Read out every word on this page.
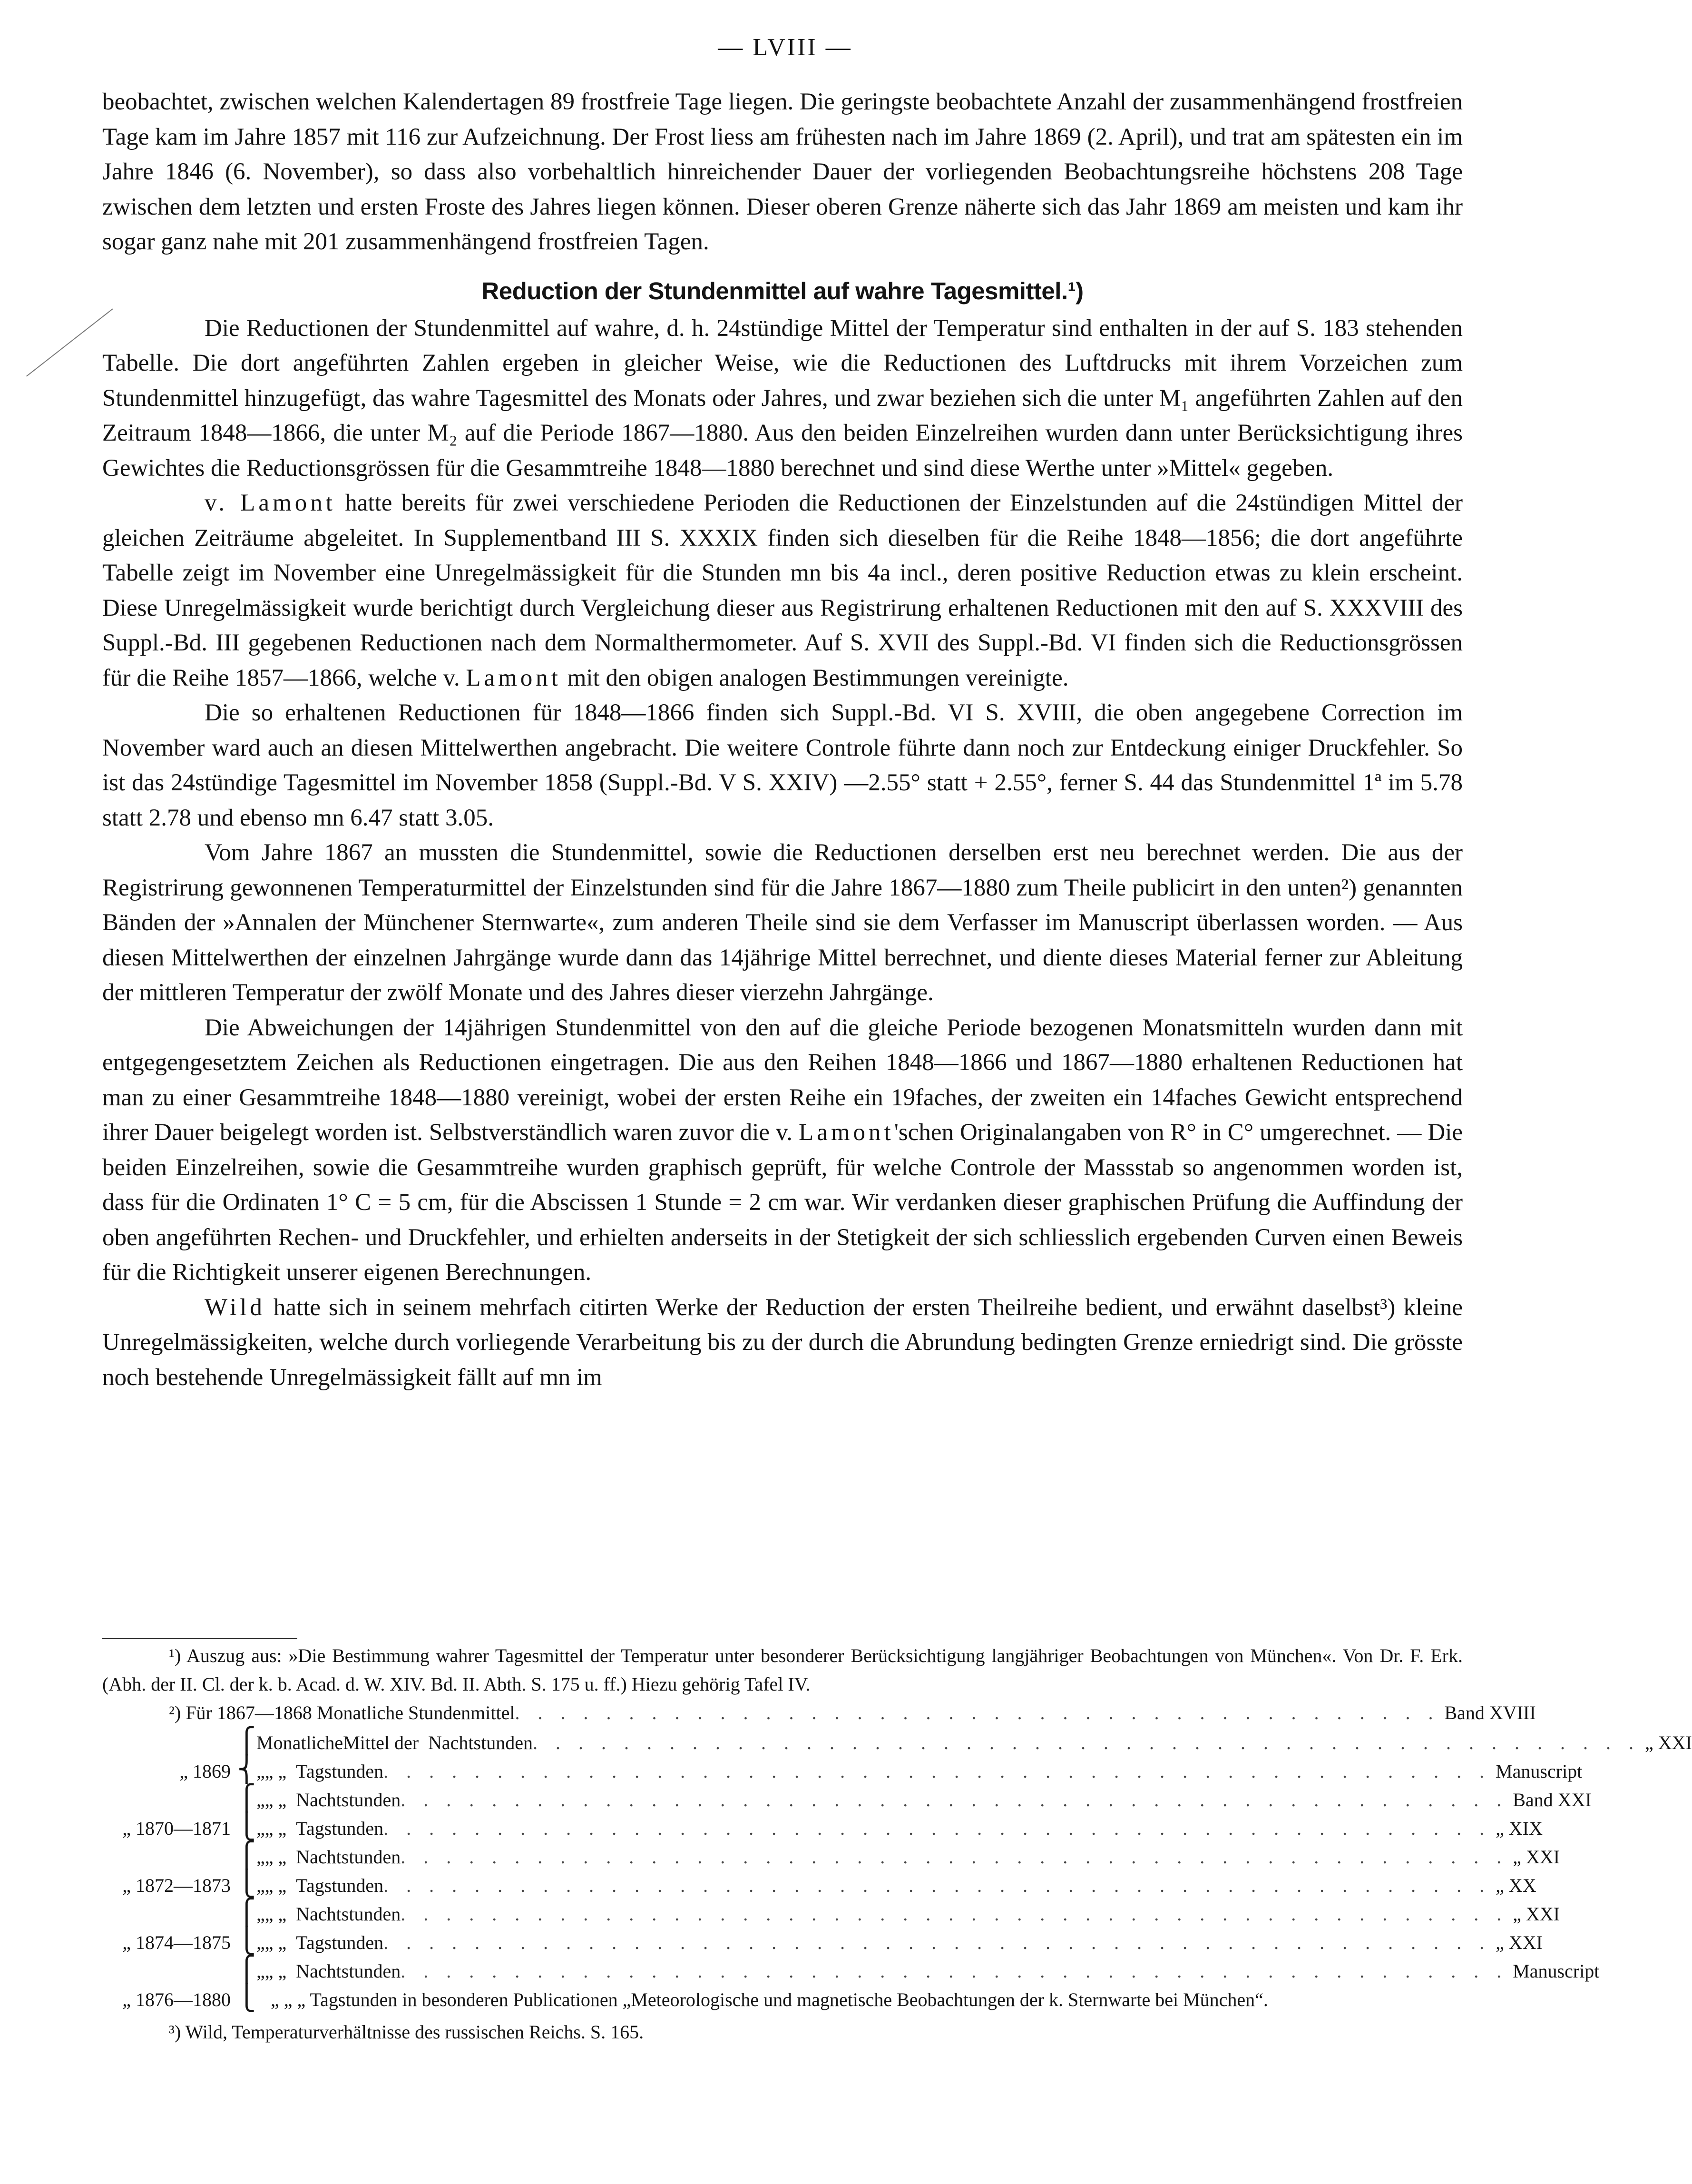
— LVIII —

beobachtet, zwischen welchen Kalendertagen 89 frostfreie Tage liegen. Die geringste beobachtete Anzahl der zusammenhängend frostfreien Tage kam im Jahre 1857 mit 116 zur Aufzeichnung. Der Frost liess am frühesten nach im Jahre 1869 (2. April), und trat am spätesten ein im Jahre 1846 (6. November), so dass also vorbehaltlich hinreichender Dauer der vorliegenden Beobachtungsreihe höchstens 208 Tage zwischen dem letzten und ersten Froste des Jahres liegen können. Dieser oberen Grenze näherte sich das Jahr 1869 am meisten und kam ihr sogar ganz nahe mit 201 zusammenhängend frostfreien Tagen.

Reduction der Stundenmittel auf wahre Tagesmittel.¹)

Die Reductionen der Stundenmittel auf wahre, d. h. 24stündige Mittel der Temperatur sind enthalten in der auf S. 183 stehenden Tabelle. Die dort angeführten Zahlen ergeben in gleicher Weise, wie die Reductionen des Luftdrucks mit ihrem Vorzeichen zum Stundenmittel hinzugefügt, das wahre Tagesmittel des Monats oder Jahres, und zwar beziehen sich die unter M₁ angeführten Zahlen auf den Zeitraum 1848—1866, die unter M₂ auf die Periode 1867—1880. Aus den beiden Einzelreihen wurden dann unter Berücksichtigung ihres Gewichtes die Reductionsgrössen für die Gesammtreihe 1848—1880 berechnet und sind diese Werthe unter »Mittel« gegeben.

v. Lamont hatte bereits für zwei verschiedene Perioden die Reductionen der Einzelstunden auf die 24stündigen Mittel der gleichen Zeiträume abgeleitet. In Supplementband III S. XXXIX finden sich dieselben für die Reihe 1848—1856; die dort angeführte Tabelle zeigt im November eine Unregelmässigkeit für die Stunden mn bis 4a incl., deren positive Reduction etwas zu klein erscheint. Diese Unregelmässigkeit wurde berichtigt durch Vergleichung dieser aus Registrirung erhaltenen Reductionen mit den auf S. XXXVIII des Suppl.-Bd. III gegebenen Reductionen nach dem Normalthermometer. Auf S. XVII des Suppl.-Bd. VI finden sich die Reductionsgrössen für die Reihe 1857—1866, welche v. Lamont mit den obigen analogen Bestimmungen vereinigte.

Die so erhaltenen Reductionen für 1848—1866 finden sich Suppl.-Bd. VI S. XVIII, die oben angegebene Correction im November ward auch an diesen Mittelwerthen angebracht. Die weitere Controle führte dann noch zur Entdeckung einiger Druckfehler. So ist das 24stündige Tagesmittel im November 1858 (Suppl.-Bd. V S. XXIV) —2.55° statt + 2.55°, ferner S. 44 das Stundenmittel 1ª im 5.78 statt 2.78 und ebenso mn 6.47 statt 3.05.

Vom Jahre 1867 an mussten die Stundenmittel, sowie die Reductionen derselben erst neu berechnet werden. Die aus der Registrirung gewonnenen Temperaturmittel der Einzelstunden sind für die Jahre 1867—1880 zum Theile publicirt in den unten²) genannten Bänden der »Annalen der Münchener Sternwarte«, zum anderen Theile sind sie dem Verfasser im Manuscript überlassen worden. — Aus diesen Mittelwerthen der einzelnen Jahrgänge wurde dann das 14jährige Mittel berrechnet, und diente dieses Material ferner zur Ableitung der mittleren Temperatur der zwölf Monate und des Jahres dieser vierzehn Jahrgänge.

Die Abweichungen der 14jährigen Stundenmittel von den auf die gleiche Periode bezogenen Monatsmitteln wurden dann mit entgegengesetztem Zeichen als Reductionen eingetragen. Die aus den Reihen 1848—1866 und 1867—1880 erhaltenen Reductionen hat man zu einer Gesammtreihe 1848—1880 vereinigt, wobei der ersten Reihe ein 19faches, der zweiten ein 14faches Gewicht entsprechend ihrer Dauer beigelegt worden ist. Selbstverständlich waren zuvor die v. Lamont'schen Originalangaben von R° in C° umgerechnet. — Die beiden Einzelreihen, sowie die Gesammtreihe wurden graphisch geprüft, für welche Controle der Massstab so angenommen worden ist, dass für die Ordinaten 1° C = 5 cm, für die Abscissen 1 Stunde = 2 cm war. Wir verdanken dieser graphischen Prüfung die Auffindung der oben angeführten Rechen- und Druckfehler, und erhielten anderseits in der Stetigkeit der sich schliesslich ergebenden Curven einen Beweis für die Richtigkeit unserer eigenen Berechnungen.

Wild hatte sich in seinem mehrfach citirten Werke der Reduction der ersten Theilreihe bedient, und erwähnt daselbst³) kleine Unregelmässigkeiten, welche durch vorliegende Verarbeitung bis zu der durch die Abrundung bedingten Grenze erniedrigt sind. Die grösste noch bestehende Unregelmässigkeit fällt auf mn im

¹) Auszug aus: »Die Bestimmung wahrer Tagesmittel der Temperatur unter besonderer Berücksichtigung langjähriger Beobachtungen von München«. Von Dr. F. Erk. (Abh. der II. Cl. der k. b. Acad. d. W. XIV. Bd. II. Abth. S. 175 u. ff.) Hiezu gehörig Tafel IV.
²) Für 1867—1868 Monatliche Stundenmittel . . . . . . . . . . . . . . . . . . . . . . . . . . . . . . . . . . . . . . . . . Band XVIII
⎧ Monatliche Mittel der Nachtstunden . . . . . . . . . . . . . . . . . . . . . . . . . . . . . . . . . . . . . . . . . . . . . . . . . „ XXI
„ 1869 ⎨ „ „ „ Tagstunden . . . . . . . . . . . . . . . . . . . . . . . . . . . . . . . . . . . . . . . . . . . . . . . . . Manuscript
⎧ „ „ „ Nachtstunden . . . . . . . . . . . . . . . . . . . . . . . . . . . . . . . . . . . . . . . . . . . . . . . . . Band XXI
„ 1870—1871 ⎩ „ „ „ Tagstunden . . . . . . . . . . . . . . . . . . . . . . . . . . . . . . . . . . . . . . . . . . . . . . . . . „ XIX
⎧ „ „ „ Nachtstunden . . . . . . . . . . . . . . . . . . . . . . . . . . . . . . . . . . . . . . . . . . . . . . . . . „ XXI
„ 1872—1873 ⎩ „ „ „ Tagstunden . . . . . . . . . . . . . . . . . . . . . . . . . . . . . . . . . . . . . . . . . . . . . . . . . „ XX
⎧ „ „ „ Nachtstunden . . . . . . . . . . . . . . . . . . . . . . . . . . . . . . . . . . . . . . . . . . . . . . . . . „ XXI
„ 1874—1875 ⎩ „ „ „ Tagstunden . . . . . . . . . . . . . . . . . . . . . . . . . . . . . . . . . . . . . . . . . . . . . . . . . „ XXI
⎧ „ „ „ Nachtstunden . . . . . . . . . . . . . . . . . . . . . . . . . . . . . . . . . . . . . . . . . . . . . . . . . Manuscript
„ 1876—1880 ⎩ „ „ „ Tagstunden in besonderen Publicationen „Meteorologische und magnetische Beobachtungen der k. Sternwarte bei München“.
³) Wild, Temperaturverhältnisse des russischen Reichs. S. 165.
